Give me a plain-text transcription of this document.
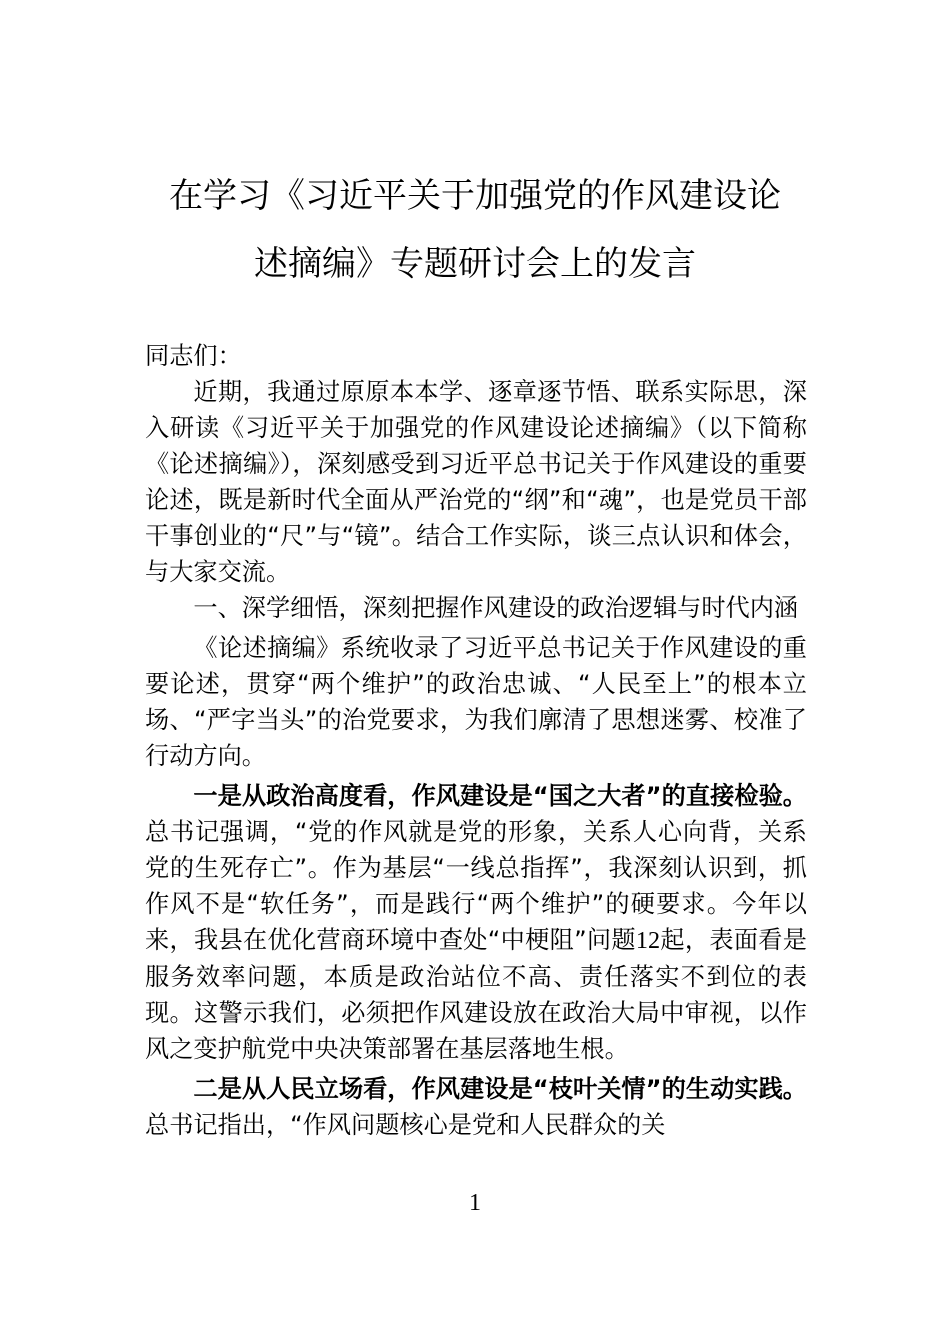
在学习《习近平关于加强党的作风建设论
述摘编》专题研讨会上的发言

同志们：

近期，我通过原原本本学、逐章逐节悟、联系实际思，深入研读《习近平关于加强党的作风建设论述摘编》（以下简称《论述摘编》），深刻感受到习近平总书记关于作风建设的重要论述，既是新时代全面从严治党的“纲”和“魂”，也是党员干部干事创业的“尺”与“镜”。结合工作实际，谈三点认识和体会，与大家交流。

一、深学细悟，深刻把握作风建设的政治逻辑与时代内涵

《论述摘编》系统收录了习近平总书记关于作风建设的重要论述，贯穿“两个维护”的政治忠诚、“人民至上”的根本立场、“严字当头”的治党要求，为我们廓清了思想迷雾、校准了行动方向。

一是从政治高度看，作风建设是“国之大者”的直接检验。总书记强调，“党的作风就是党的形象，关系人心向背，关系党的生死存亡”。作为基层“一线总指挥”，我深刻认识到，抓作风不是“软任务”，而是践行“两个维护”的硬要求。今年以来，我县在优化营商环境中查处“中梗阻”问题12起，表面看是服务效率问题，本质是政治站位不高、责任落实不到位的表现。这警示我们，必须把作风建设放在政治大局中审视，以作风之变护航党中央决策部署在基层落地生根。

二是从人民立场看，作风建设是“枝叶关情”的生动实践。总书记指出，“作风问题核心是党和人民群众的关

1
